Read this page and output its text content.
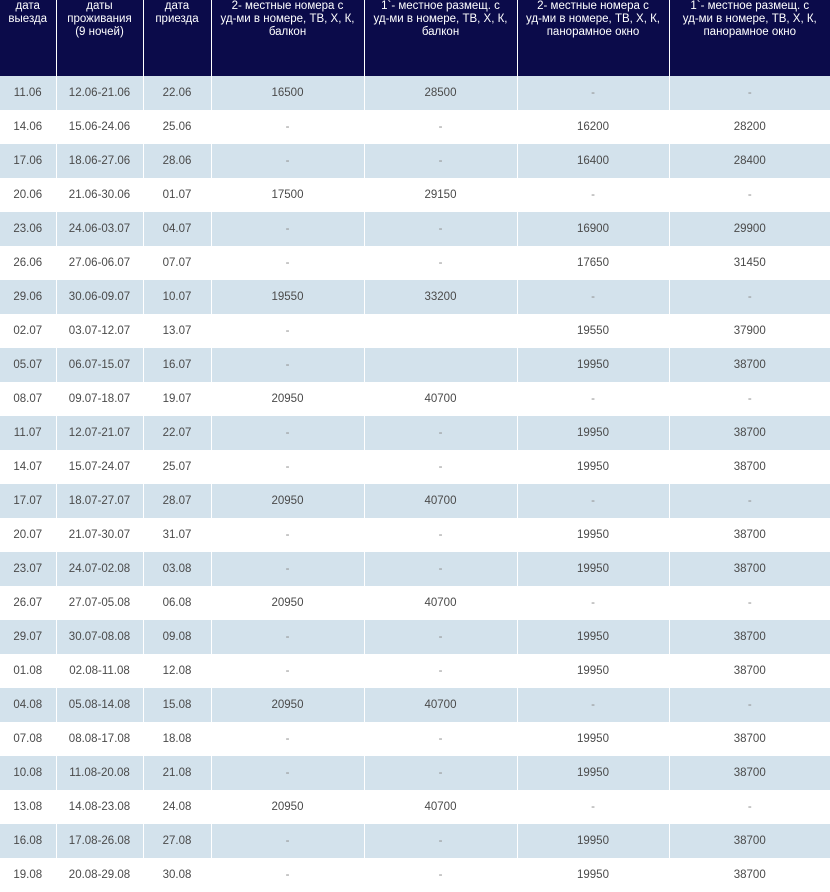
дата
выезда	даты
проживания
(9 ночей)	дата
приезда	2- местные номера с
уд-ми в номере, ТВ, Х, К,
балкон	1`- местное размещ. с
уд-ми в номере, ТВ, Х, К,
балкон	2- местные номера с
уд-ми в номере, ТВ, Х, К,
панорамное окно	1`- местное размещ. с
уд-ми в номере, ТВ, Х, К,
панорамное окно
11.06	12.06-21.06	22.06	16500	28500	-	-
14.06	15.06-24.06	25.06	-	-	16200	28200
17.06	18.06-27.06	28.06	-	-	16400	28400
20.06	21.06-30.06	01.07	17500	29150	-	-
23.06	24.06-03.07	04.07	-	-	16900	29900
26.06	27.06-06.07	07.07	-	-	17650	31450
29.06	30.06-09.07	10.07	19550	33200	-	-
02.07	03.07-12.07	13.07	-		19550	37900
05.07	06.07-15.07	16.07	-		19950	38700
08.07	09.07-18.07	19.07	20950	40700	-	-
11.07	12.07-21.07	22.07	-	-	19950	38700
14.07	15.07-24.07	25.07	-	-	19950	38700
17.07	18.07-27.07	28.07	20950	40700	-	-
20.07	21.07-30.07	31.07	-	-	19950	38700
23.07	24.07-02.08	03.08	-	-	19950	38700
26.07	27.07-05.08	06.08	20950	40700	-	-
29.07	30.07-08.08	09.08	-	-	19950	38700
01.08	02.08-11.08	12.08	-	-	19950	38700
04.08	05.08-14.08	15.08	20950	40700	-	-
07.08	08.08-17.08	18.08	-	-	19950	38700
10.08	11.08-20.08	21.08	-	-	19950	38700
13.08	14.08-23.08	24.08	20950	40700	-	-
16.08	17.08-26.08	27.08	-	-	19950	38700
19.08	20.08-29.08	30.08	-	-	19950	38700
